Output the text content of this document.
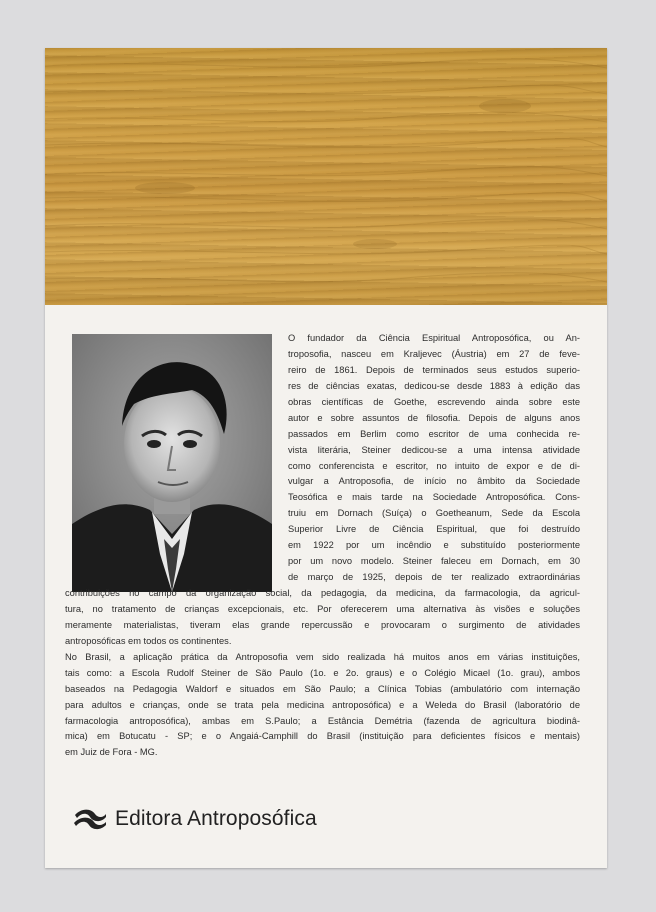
O fundador da Ciência Espiritual Antroposófica, ou An-
troposofia, nasceu em Kraljevec (Áustria) em 27 de feve-
reiro de 1861. Depois de terminados seus estudos superio-
res de ciências exatas, dedicou-se desde 1883 à edição das
obras científicas de Goethe, escrevendo ainda sobre este
autor e sobre assuntos de filosofia. Depois de alguns anos
passados em Berlim como escritor de uma conhecida re-
vista literária, Steiner dedicou-se a uma intensa atividade
como conferencista e escritor, no intuito de expor e de di-
vulgar a Antroposofia, de início no âmbito da Sociedade
Teosófica e mais tarde na Sociedade Antroposófica. Cons-
truiu em Dornach (Suíça) o Goetheanum, Sede da Escola
Superior Livre de Ciência Espiritual, que foi destruído
em 1922 por um incêndio e substituído posteriormente
por um novo modelo. Steiner faleceu em Dornach, em 30
de março de 1925, depois de ter realizado extraordinárias
contribuições no campo da organização social, da pedagogia, da medicina, da farmacologia, da agricul-
tura, no tratamento de crianças excepcionais, etc. Por oferecerem uma alternativa às visões e soluções
meramente materialistas, tiveram elas grande repercussão e provocaram o surgimento de atividades
antroposóficas em todos os continentes.
No Brasil, a aplicação prática da Antroposofia vem sido realizada há muitos anos em várias instituições,
tais como: a Escola Rudolf Steiner de São Paulo (1o. e 2o. graus) e o Colégio Micael (1o. grau), ambos
baseados na Pedagogia Waldorf e situados em São Paulo; a Clínica Tobias (ambulatório com internação
para adultos e crianças, onde se trata pela medicina antroposófica) e a Weleda do Brasil (laboratório de
farmacologia antroposófica), ambas em S.Paulo; a Estância Demétria (fazenda de agricultura biodinâ-
mica) em Botucatu - SP; e o Angaiá-Camphill do Brasil (instituição para deficientes físicos e mentais)
em Juiz de Fora - MG.
Editora Antroposófica
